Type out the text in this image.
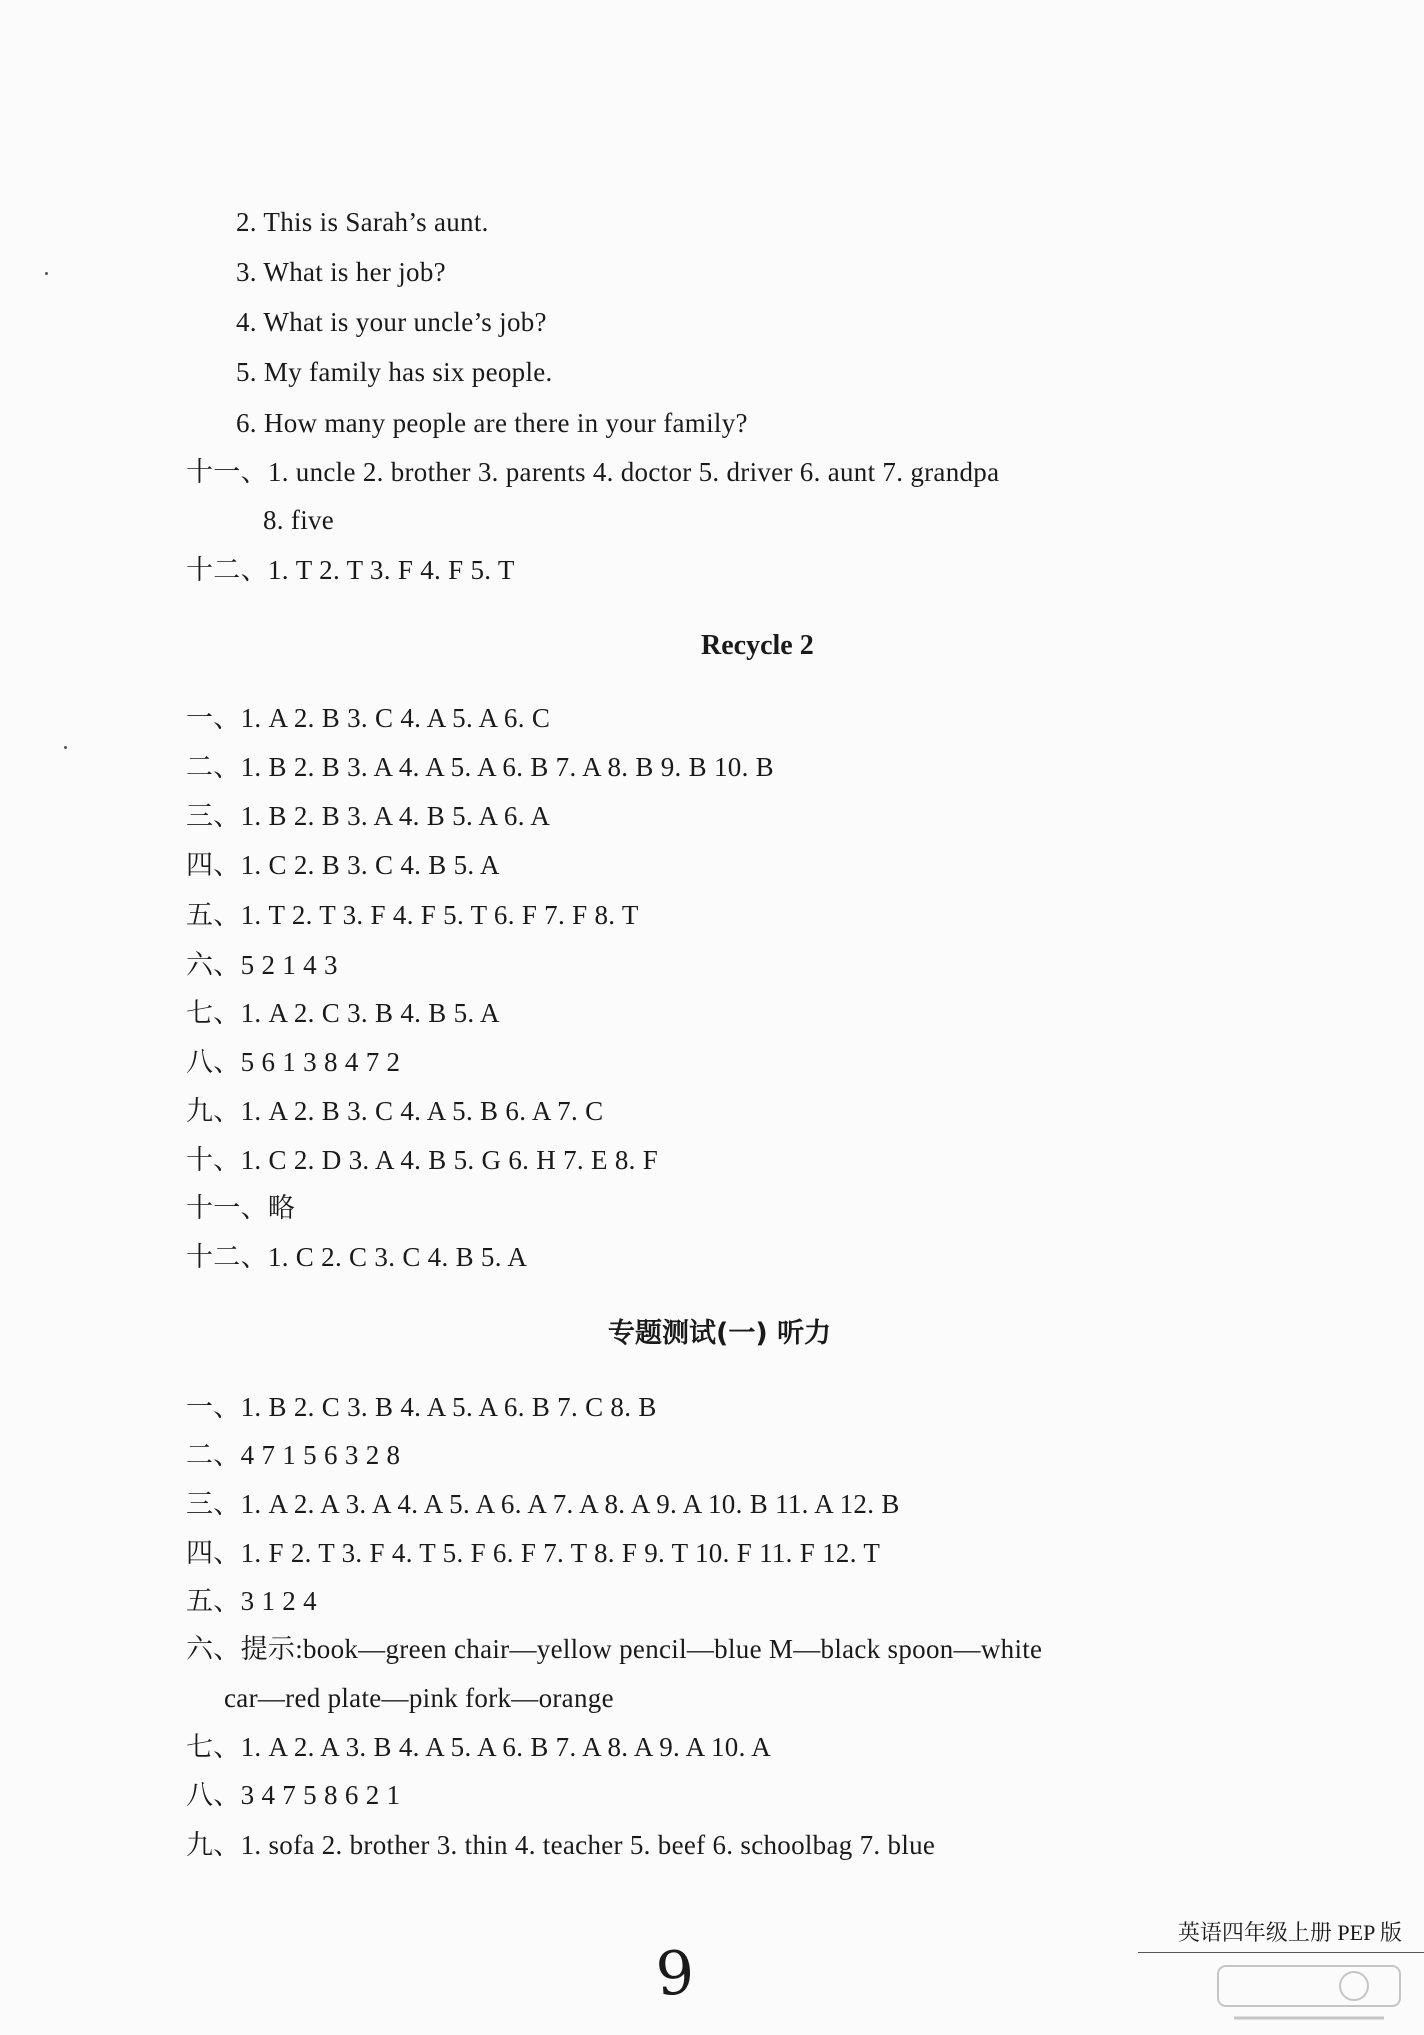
2. This is Sarah’s aunt.
3. What is her job?
4. What is your uncle’s job?
5. My family has six people.
6. How many people are there in your family?
十一、1. uncle 2. brother 3. parents 4. doctor 5. driver 6. aunt 7. grandpa
8. five
十二、1. T 2. T 3. F 4. F 5. T
Recycle 2
一、1. A 2. B 3. C 4. A 5. A 6. C
二、1. B 2. B 3. A 4. A 5. A 6. B 7. A 8. B 9. B 10. B
三、1. B 2. B 3. A 4. B 5. A 6. A
四、1. C 2. B 3. C 4. B 5. A
五、1. T 2. T 3. F 4. F 5. T 6. F 7. F 8. T
六、5 2 1 4 3
七、1. A 2. C 3. B 4. B 5. A
八、5 6 1 3 8 4 7 2
九、1. A 2. B 3. C 4. A 5. B 6. A 7. C
十、1. C 2. D 3. A 4. B 5. G 6. H 7. E 8. F
十一、略
十二、1. C 2. C 3. C 4. B 5. A
专题测试(一) 听力
一、1. B 2. C 3. B 4. A 5. A 6. B 7. C 8. B
二、4 7 1 5 6 3 2 8
三、1. A 2. A 3. A 4. A 5. A 6. A 7. A 8. A 9. A 10. B 11. A 12. B
四、1. F 2. T 3. F 4. T 5. F 6. F 7. T 8. F 9. T 10. F 11. F 12. T
五、3 1 2 4
六、提示:book—green chair—yellow pencil—blue M—black spoon—white
car—red plate—pink fork—orange
七、1. A 2. A 3. B 4. A 5. A 6. B 7. A 8. A 9. A 10. A
八、3 4 7 5 8 6 2 1
九、1. sofa 2. brother 3. thin 4. teacher 5. beef 6. schoolbag 7. blue
英语四年级上册 PEP 版
9
